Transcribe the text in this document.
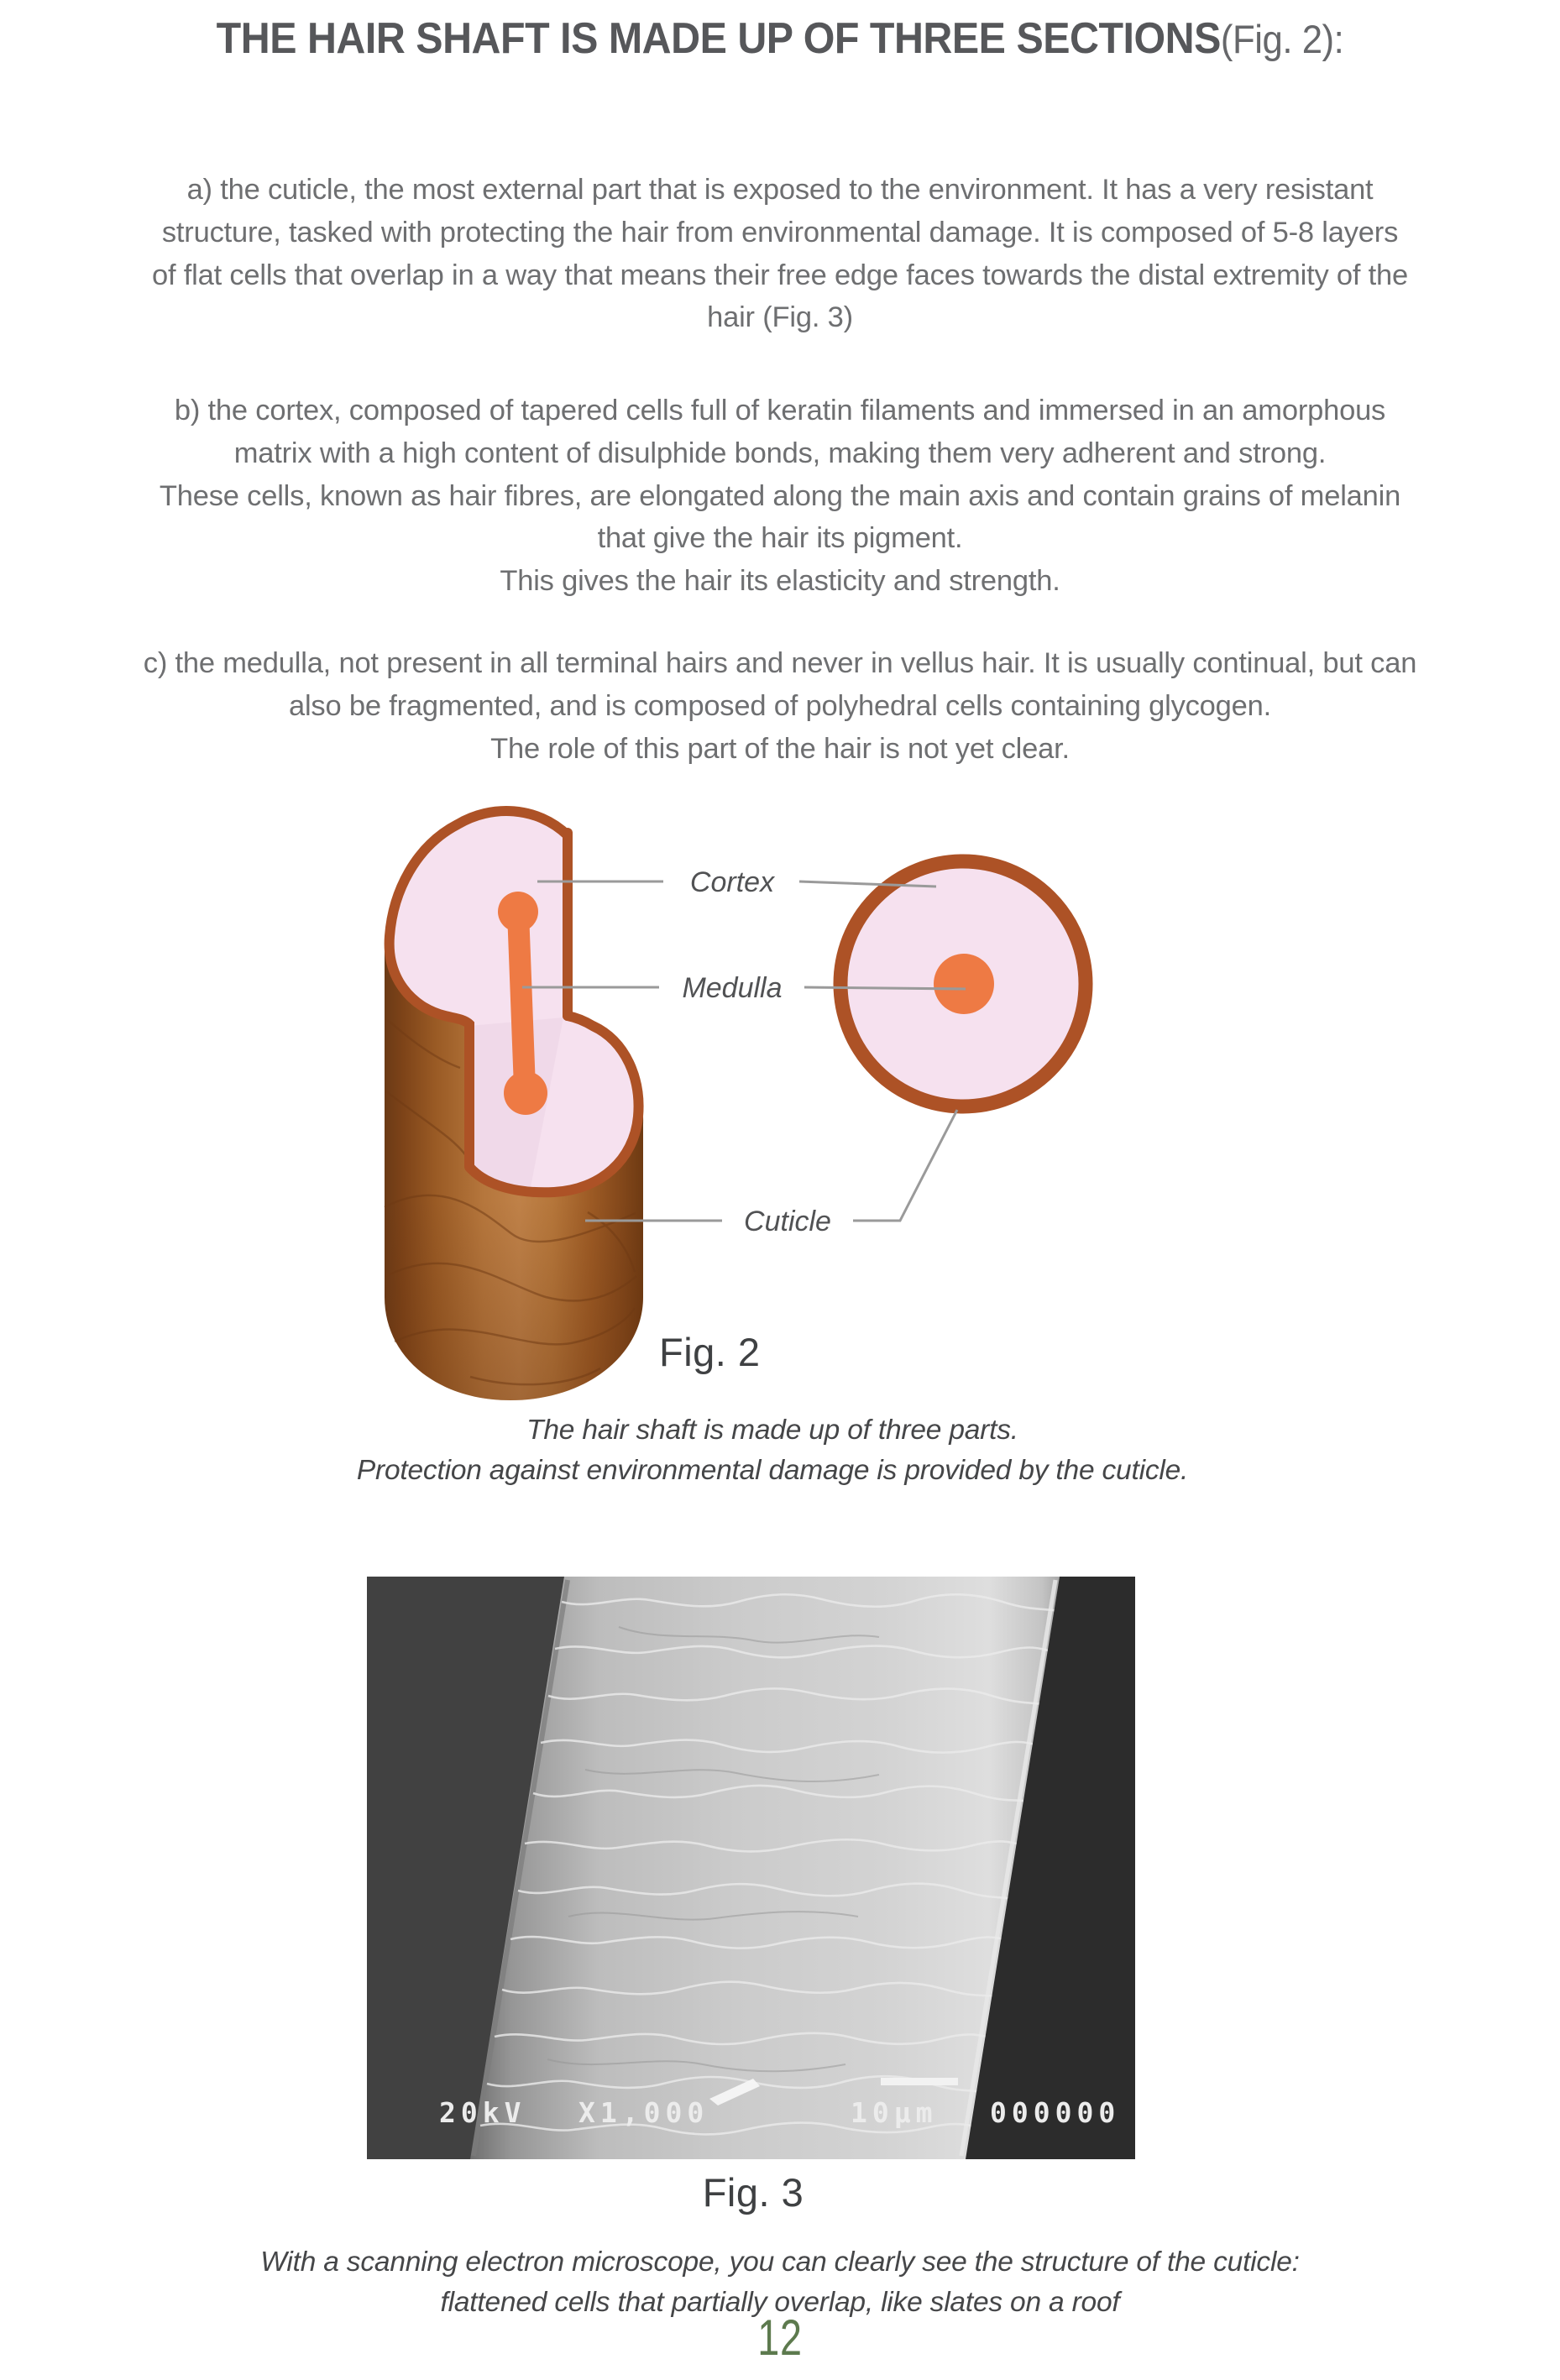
THE HAIR SHAFT IS MADE UP OF THREE SECTIONS(Fig. 2):
a) the cuticle, the most external part that is exposed to the environment. It has a very resistant
structure, tasked with protecting the hair from environmental damage. It is composed of 5-8 layers
of flat cells that overlap in a way that means their free edge faces towards the distal extremity of the
hair (Fig. 3)
b) the cortex, composed of tapered cells full of keratin filaments and immersed in an amorphous
matrix with a high content of disulphide bonds, making them very adherent and strong.
These cells, known as hair fibres, are elongated along the main axis and contain grains of melanin
that give the hair its pigment.
This gives the hair its elasticity and strength.
c) the medulla, not present in all terminal hairs and never in vellus hair. It is usually continual, but can
also be fragmented, and is composed of polyhedral cells containing glycogen.
The role of this part of the hair is not yet clear.
Cortex
Medulla
Cuticle
Fig. 2
The hair shaft is made up of three parts.
Protection against environmental damage is provided by the cuticle.
20kV X1,000	10µm 000000
Fig. 3
With a scanning electron microscope, you can clearly see the structure of the cuticle:
flattened cells that partially overlap, like slates on a roof
12
